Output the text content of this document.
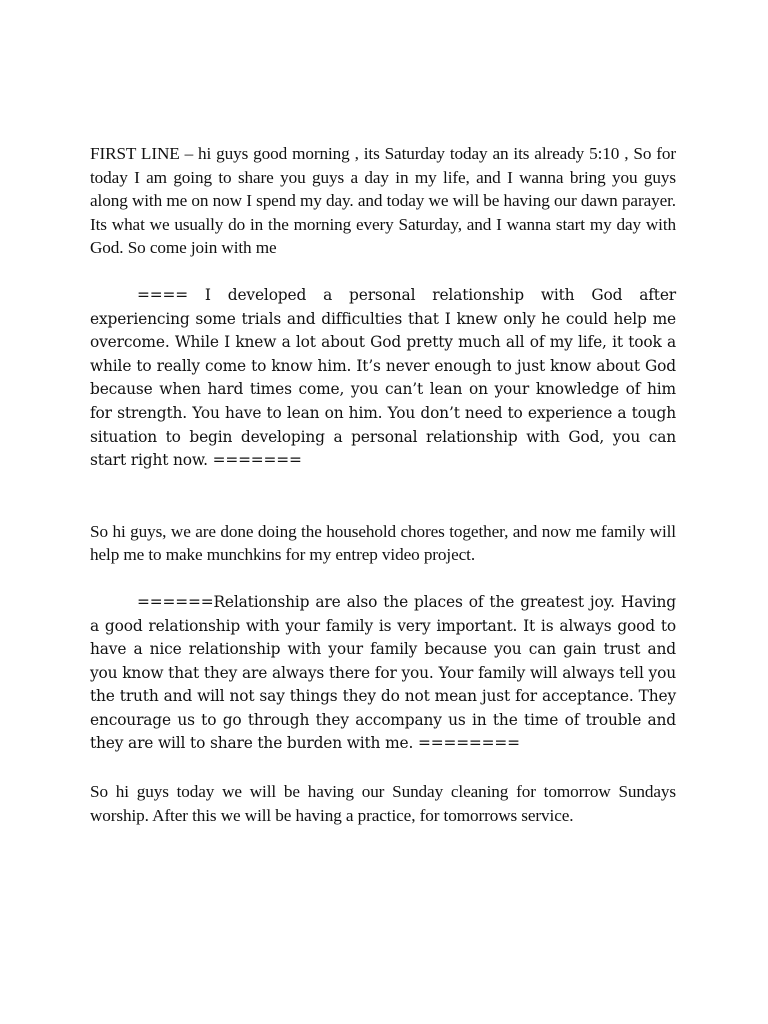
FIRST LINE – hi guys good morning , its Saturday today an its already 5:10 , So for today I am going to share you guys a day in my life, and I wanna bring you guys along with me on now I spend my day. and today we will be having our dawn parayer. Its what we usually do in the morning every Saturday, and I wanna start my day with God. So come join with me

==== I developed a personal relationship with God after experiencing some trials and difficulties that I knew only he could help me overcome. While I knew a lot about God pretty much all of my life, it took a while to really come to know him. It’s never enough to just know about God because when hard times come, you can’t lean on your knowledge of him for strength. You have to lean on him. You don’t need to experience a tough situation to begin developing a personal relationship with God, you can start right now. =======

So hi guys, we are done doing the household chores together, and now me family will help me to make munchkins for my entrep video project.

======Relationship are also the places of the greatest joy. Having a good relationship with your family is very important. It is always good to have a nice relationship with your family because you can gain trust and you know that they are always there for you. Your family will always tell you the truth and will not say things they do not mean just for acceptance. They encourage us to go through they accompany us in the time of trouble and they are will to share the burden with me. ========

So hi guys today we will be having our Sunday cleaning for tomorrow Sundays worship. After this we will be having a practice, for tomorrows service.
